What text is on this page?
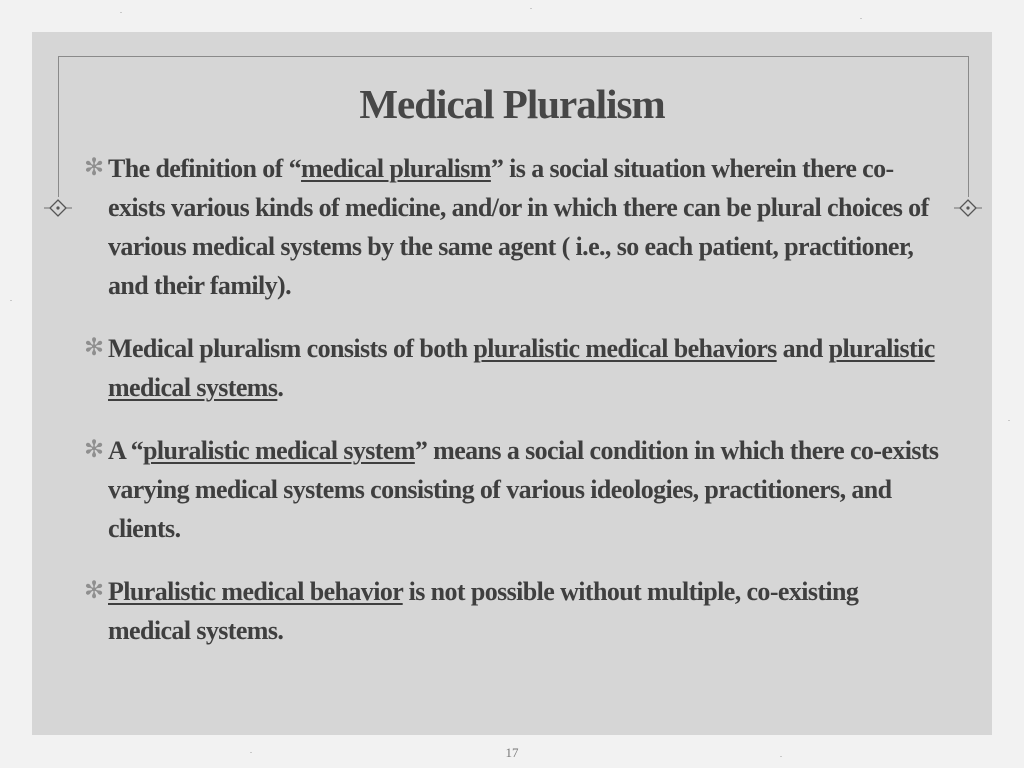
Medical Pluralism
✻ The definition of “medical pluralism” is a social situation wherein there co-exists various kinds of medicine, and/or in which there can be plural choices of various medical systems by the same agent ( i.e., so each patient, practitioner, and their family).
✻ Medical pluralism consists of both pluralistic medical behaviors and pluralistic medical systems.
✻ A “pluralistic medical system” means a social condition in which there co-exists varying medical systems consisting of various ideologies, practitioners, and clients.
✻ Pluralistic medical behavior is not possible without multiple, co-existing medical systems.
17
